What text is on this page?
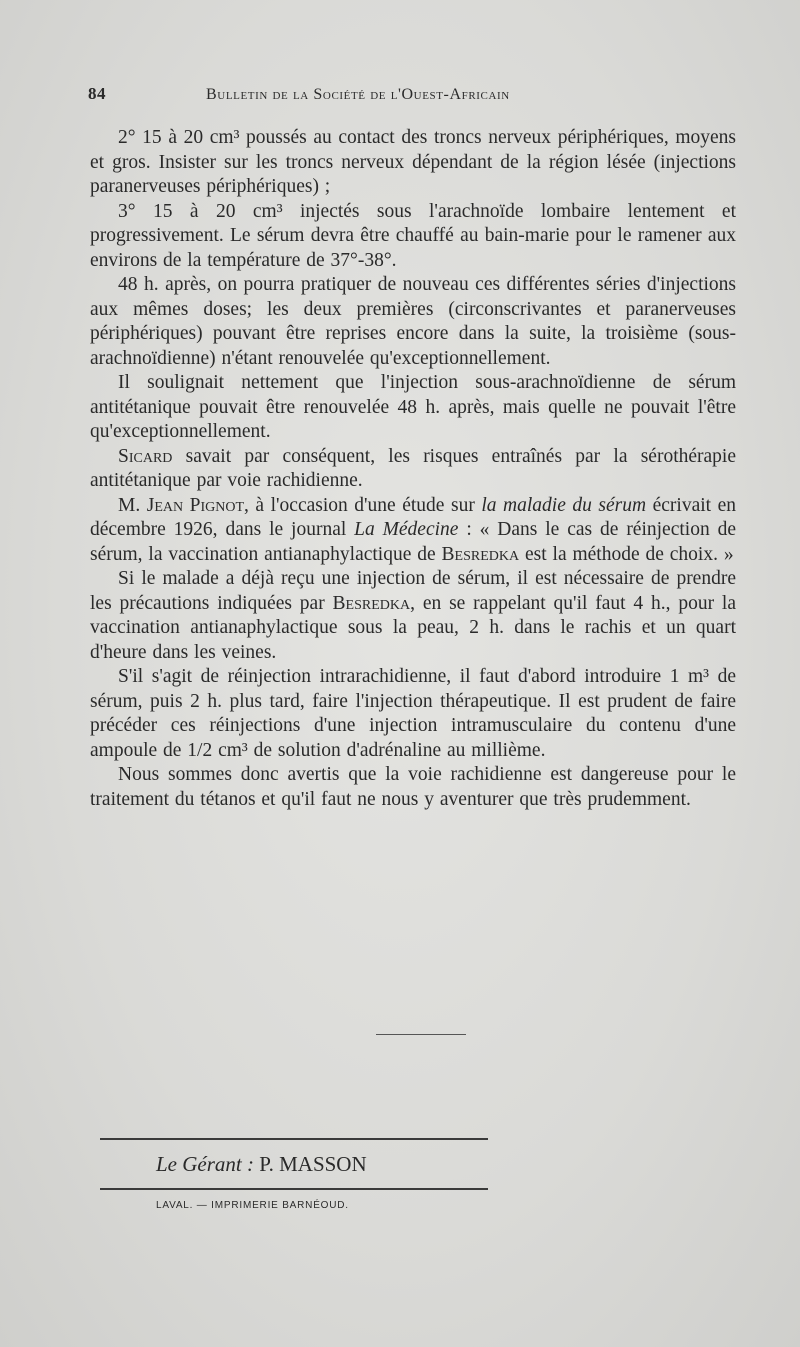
84	Bulletin de la Société de l'Ouest-Africain

2° 15 à 20 cm³ poussés au contact des troncs nerveux périphériques, moyens et gros. Insister sur les troncs nerveux dépendant de la région lésée (injections paranerveuses périphériques) ;

3° 15 à 20 cm³ injectés sous l'arachnoïde lombaire lentement et progressivement. Le sérum devra être chauffé au bain-marie pour le ramener aux environs de la température de 37°-38°.

48 h. après, on pourra pratiquer de nouveau ces différentes séries d'injections aux mêmes doses; les deux premières (circonscrivantes et paranerveuses périphériques) pouvant être reprises encore dans la suite, la troisième (sous-arachnoïdienne) n'étant renouvelée qu'exceptionnellement.

Il soulignait nettement que l'injection sous-arachnoïdienne de sérum antitétanique pouvait être renouvelée 48 h. après, mais quelle ne pouvait l'être qu'exceptionnellement.

Sicard savait par conséquent, les risques entraînés par la sérothérapie antitétanique par voie rachidienne.

M. Jean Pignot, à l'occasion d'une étude sur la maladie du sérum écrivait en décembre 1926, dans le journal La Médecine : « Dans le cas de réinjection de sérum, la vaccination antianaphylactique de Besredka est la méthode de choix. »

Si le malade a déjà reçu une injection de sérum, il est nécessaire de prendre les précautions indiquées par Besredka, en se rappelant qu'il faut 4 h., pour la vaccination antianaphylactique sous la peau, 2 h. dans le rachis et un quart d'heure dans les veines.

S'il s'agit de réinjection intrarachidienne, il faut d'abord introduire 1 m³ de sérum, puis 2 h. plus tard, faire l'injection thérapeutique. Il est prudent de faire précéder ces réinjections d'une injection intramusculaire du contenu d'une ampoule de 1/2 cm³ de solution d'adrénaline au millième.

Nous sommes donc avertis que la voie rachidienne est dangereuse pour le traitement du tétanos et qu'il faut ne nous y aventurer que très prudemment.

Le Gérant : P. MASSON
LAVAL. — IMPRIMERIE BARNÉOUD.
